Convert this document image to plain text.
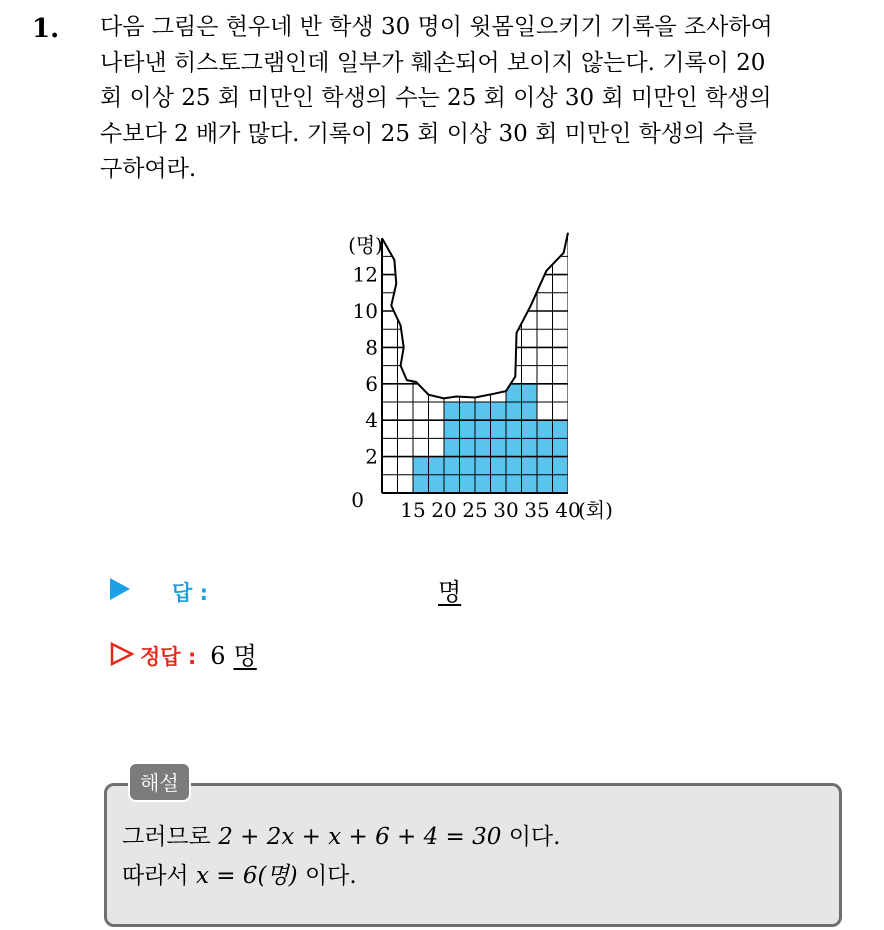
1. 다음 그림은 현우네 반 학생 30 명이 윗몸일으키기 기록을 조사하여
나타낸 히스토그램인데 일부가 훼손되어 보이지 않는다. 기록이 20
회 이상 25 회 미만인 학생의 수는 25 회 이상 30 회 미만인 학생의
수보다 2 배가 많다. 기록이 25 회 이상 30 회 미만인 학생의 수를
구하여라.
0
2
4
6
8
10
12
15 20 25 30 35 40
(명)
(회)
답 :	명
정답 : 6 명
해설
그러므로 2 + 2x + x + 6 + 4 = 30 이다.
따라서 x = 6(명) 이다.
